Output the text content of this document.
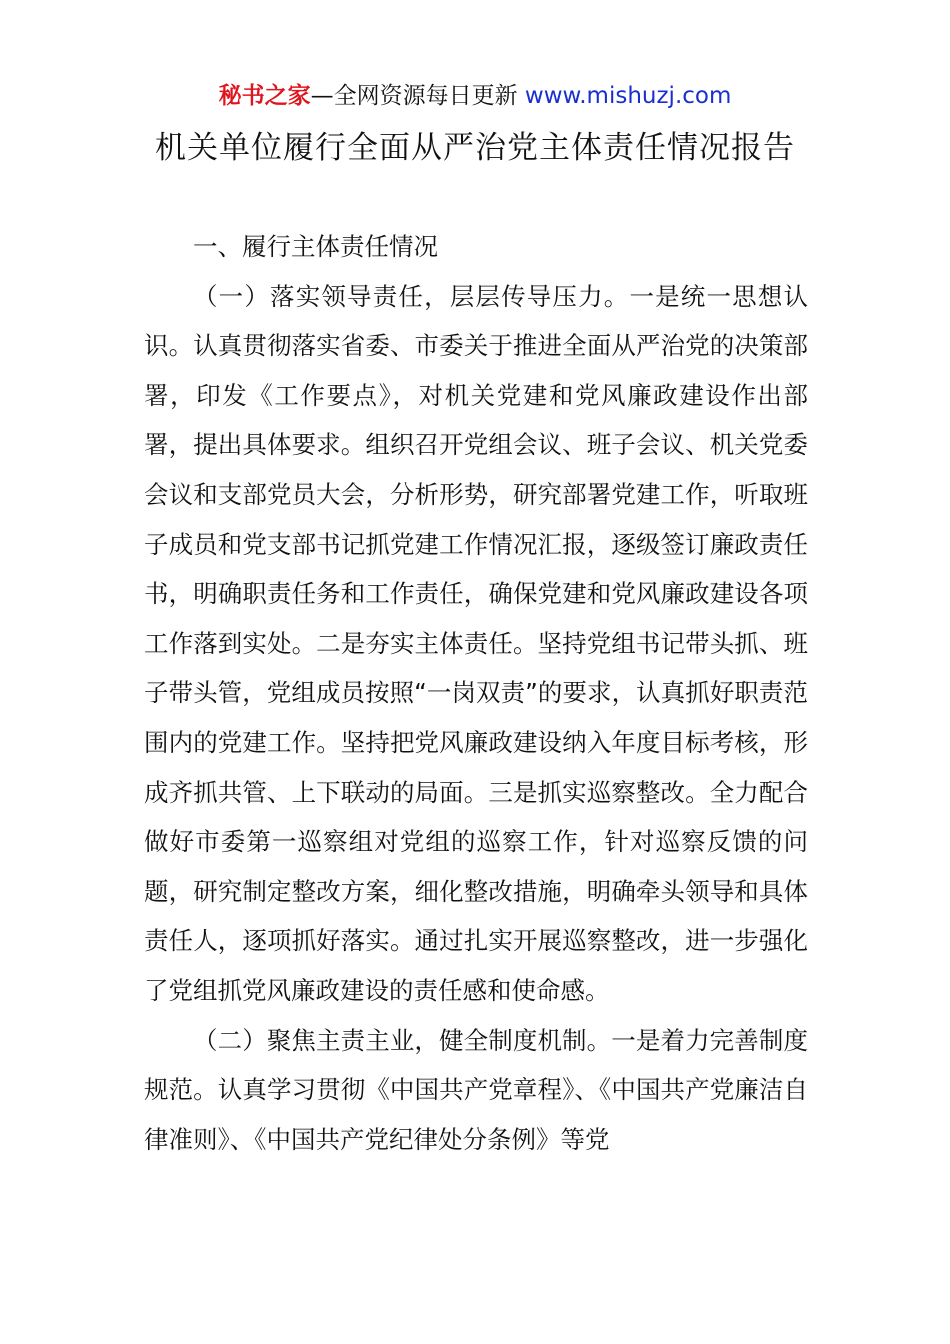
秘书之家—全网资源每日更新 www.mishuzj.com
机关单位履行全面从严治党主体责任情况报告

一、履行主体责任情况

（一）落实领导责任，层层传导压力。一是统一思想认识。认真贯彻落实省委、市委关于推进全面从严治党的决策部署，印发《工作要点》，对机关党建和党风廉政建设作出部署，提出具体要求。组织召开党组会议、班子会议、机关党委会议和支部党员大会，分析形势，研究部署党建工作，听取班子成员和党支部书记抓党建工作情况汇报，逐级签订廉政责任书，明确职责任务和工作责任，确保党建和党风廉政建设各项工作落到实处。二是夯实主体责任。坚持党组书记带头抓、班子带头管，党组成员按照“一岗双责”的要求，认真抓好职责范围内的党建工作。坚持把党风廉政建设纳入年度目标考核，形成齐抓共管、上下联动的局面。三是抓实巡察整改。全力配合做好市委第一巡察组对党组的巡察工作，针对巡察反馈的问题，研究制定整改方案，细化整改措施，明确牵头领导和具体责任人，逐项抓好落实。通过扎实开展巡察整改，进一步强化了党组抓党风廉政建设的责任感和使命感。

（二）聚焦主责主业，健全制度机制。一是着力完善制度规范。认真学习贯彻《中国共产党章程》、《中国共产党廉洁自律准则》、《中国共产党纪律处分条例》等党
